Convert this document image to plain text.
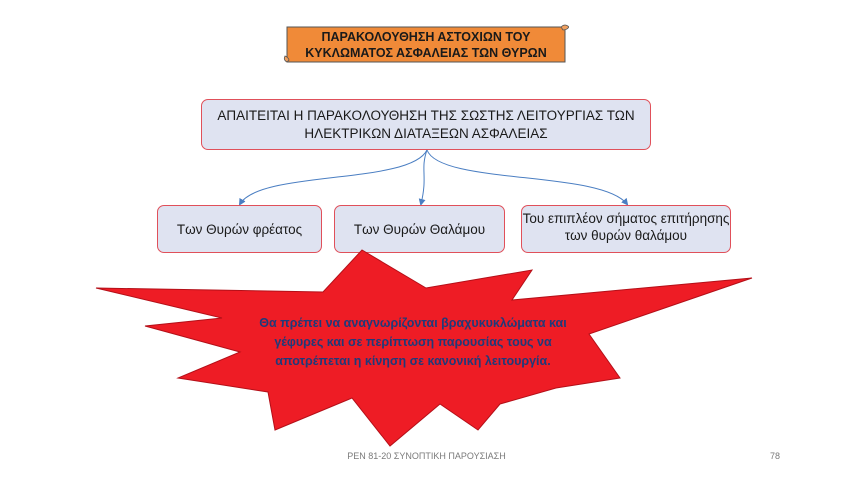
ΠΑΡΑΚΟΛΟΥΘΗΣΗ ΑΣΤΟΧΙΩΝ ΤΟΥ
ΚΥΚΛΩΜΑΤΟΣ ΑΣΦΑΛΕΙΑΣ ΤΩΝ ΘΥΡΩΝ
ΑΠΑΙΤΕΙΤΑΙ Η ΠΑΡΑΚΟΛΟΥΘΗΣΗ ΤΗΣ ΣΩΣΤΗΣ ΛΕΙΤΟΥΡΓΙΑΣ ΤΩΝ
ΗΛΕΚΤΡΙΚΩΝ ΔΙΑΤΑΞΕΩΝ ΑΣΦΑΛΕΙΑΣ
Των Θυρών φρέατος	Των Θυρών Θαλάμου
Του επιπλέον σήματος επιτήρησης των θυρών θαλάμου
Θα πρέπει να αναγνωρίζονται βραχυκυκλώματα και
γέφυρες και σε περίπτωση παρουσίας τους να
αποτρέπεται η κίνηση σε κανονική λειτουργία.
PEN 81-20 ΣΥΝΟΠΤΙΚΗ ΠΑΡΟΥΣΙΑΣΗ	78
